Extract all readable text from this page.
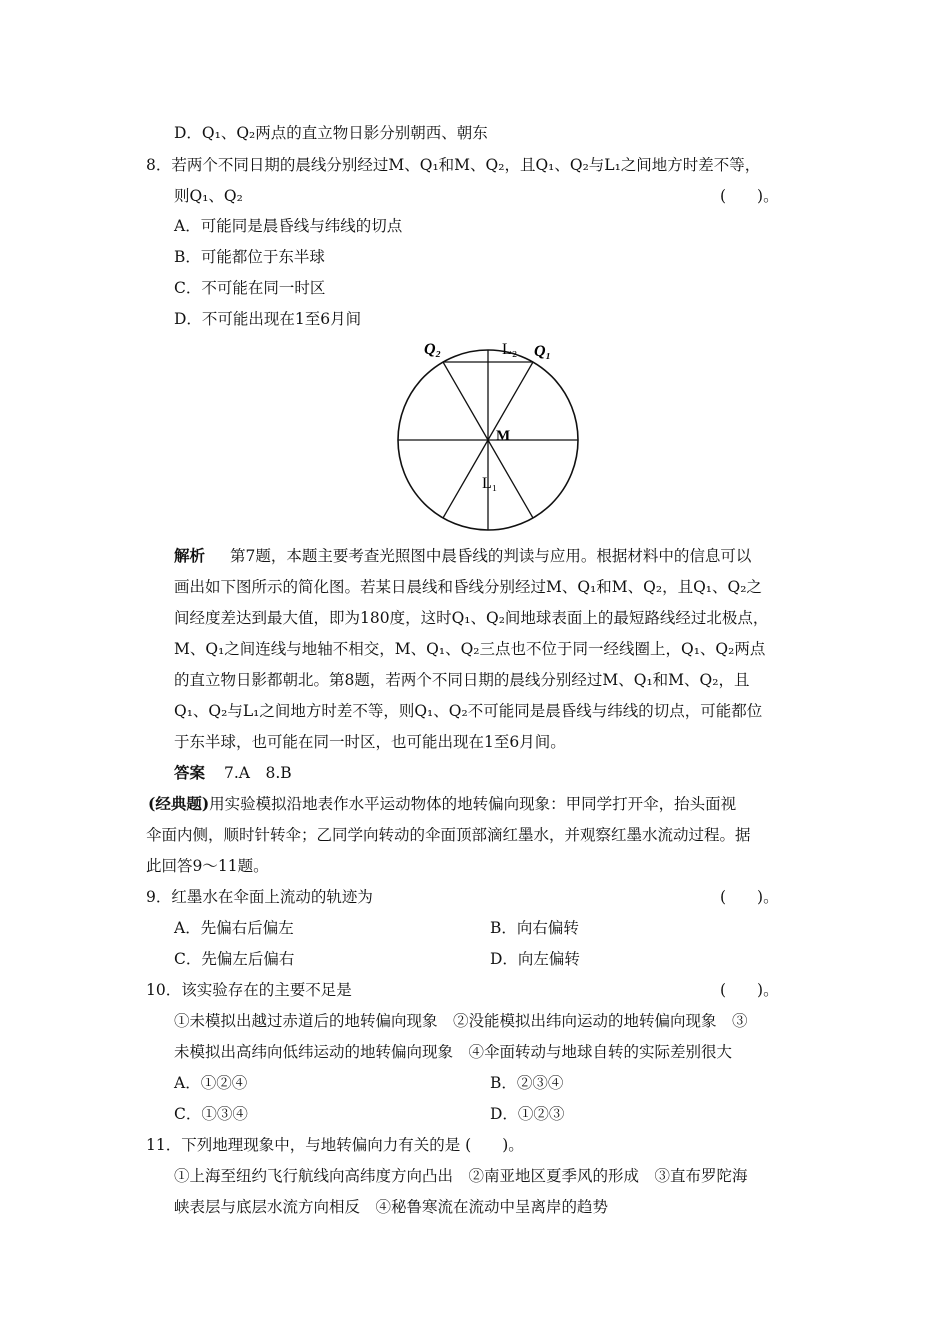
D．Q₁、Q₂两点的直立物日影分别朝西、朝东
8．若两个不同日期的晨线分别经过M、Q₁和M、Q₂，且Q₁、Q₂与L₁之间地方时差不等，
则Q₁、Q₂	(　　)。
A．可能同是晨昏线与纬线的切点
B．可能都位于东半球
C．不可能在同一时区
D．不可能出现在1至6月间
Q₂	L₂ Q₁
M
L₁
解析 第7题，本题主要考查光照图中晨昏线的判读与应用。根据材料中的信息可以
画出如下图所示的简化图。若某日晨线和昏线分别经过M、Q₁和M、Q₂，且Q₁、Q₂之
间经度差达到最大值，即为180度，这时Q₁、Q₂间地球表面上的最短路线经过北极点，
M、Q₁之间连线与地轴不相交，M、Q₁、Q₂三点也不位于同一经线圈上，Q₁、Q₂两点
的直立物日影都朝北。第8题，若两个不同日期的晨线分别经过M、Q₁和M、Q₂，且
Q₁、Q₂与L₁之间地方时差不等，则Q₁、Q₂不可能同是晨昏线与纬线的切点，可能都位
于东半球，也可能在同一时区，也可能出现在1至6月间。
答案 7.A　8.B
(经典题)用实验模拟沿地表作水平运动物体的地转偏向现象：甲同学打开伞，抬头面视
伞面内侧，顺时针转伞；乙同学向转动的伞面顶部滴红墨水，并观察红墨水流动过程。据
此回答9～11题。
9．红墨水在伞面上流动的轨迹为	(　　)。
A．先偏右后偏左	B．向右偏转
C．先偏左后偏右	D．向左偏转
10．该实验存在的主要不足是	(　　)。
①未模拟出越过赤道后的地转偏向现象　②没能模拟出纬向运动的地转偏向现象　③
未模拟出高纬向低纬运动的地转偏向现象　④伞面转动与地球自转的实际差别很大
A．①②④	B．②③④
C．①③④	D．①②③
11．下列地理现象中，与地转偏向力有关的是 (　　)。
①上海至纽约飞行航线向高纬度方向凸出　②南亚地区夏季风的形成　③直布罗陀海
峡表层与底层水流方向相反　④秘鲁寒流在流动中呈离岸的趋势
